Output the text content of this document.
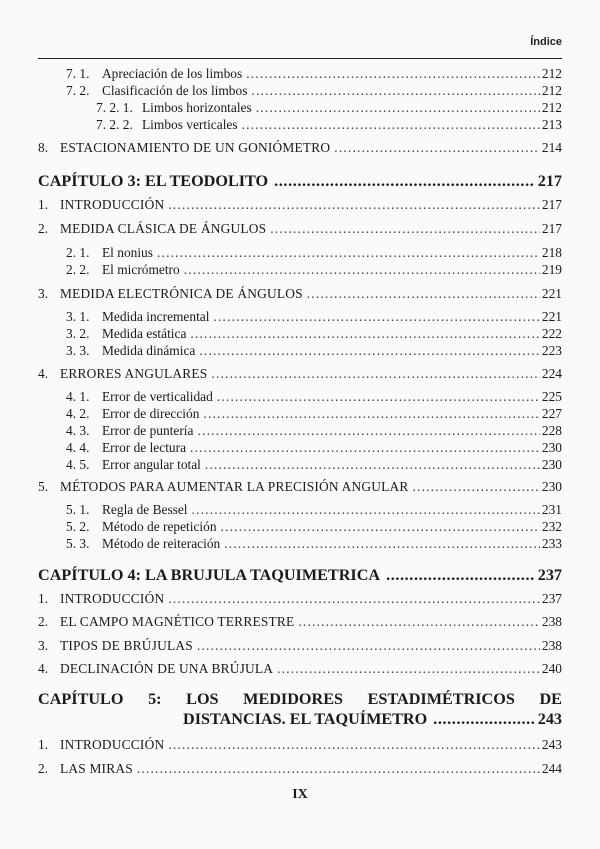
Índice
7. 1. Apreciación de los limbos .....	212
7. 2. Clasificación de los limbos .....	212
7. 2. 1. Limbos horizontales .....	212
7. 2. 2. Limbos verticales .....	213
8. ESTACIONAMIENTO DE UN GONIÓMETRO .....	214
CAPÍTULO 3: EL TEODOLITO .....	217
1. INTRODUCCIÓN .....	217
2. MEDIDA CLÁSICA DE ÁNGULOS .....	217
2. 1. El nonius .....	218
2. 2. El micrómetro .....	219
3. MEDIDA ELECTRÓNICA DE ÁNGULOS .....	221
3. 1. Medida incremental .....	221
3. 2. Medida estática .....	222
3. 3. Medida dinámica .....	223
4. ERRORES ANGULARES .....	224
4. 1. Error de verticalidad .....	225
4. 2. Error de dirección .....	227
4. 3. Error de puntería .....	228
4. 4. Error de lectura .....	230
4. 5. Error angular total .....	230
5. MÉTODOS PARA AUMENTAR LA PRECISIÓN ANGULAR .....	230
5. 1. Regla de Bessel .....	231
5. 2. Método de repetición .....	232
5. 3. Método de reiteración .....	233
CAPÍTULO 4: LA BRUJULA TAQUIMETRICA .....	237
1. INTRODUCCIÓN .....	237
2. EL CAMPO MAGNÉTICO TERRESTRE .....	238
3. TIPOS DE BRÚJULAS .....	238
4. DECLINACIÓN DE UNA BRÚJULA .....	240
CAPÍTULO 5: LOS MEDIDORES ESTADIMÉTRICOS DE
DISTANCIAS. EL TAQUÍMETRO .....	243
1. INTRODUCCIÓN .....	243
2. LAS MIRAS .....	244
IX
